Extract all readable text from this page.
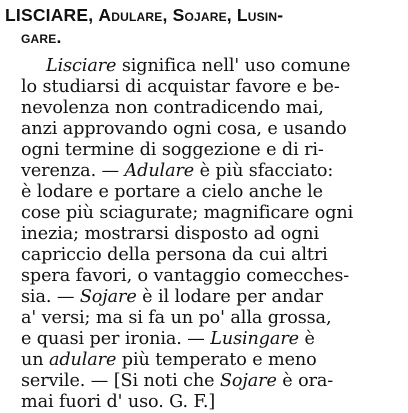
LISCIARE, Adulare, Sojare, Lusin-
gare.
Lisciare significa nell' uso comune
lo studiarsi di acquistar favore e be-
nevolenza non contradicendo mai,
anzi approvando ogni cosa, e usando
ogni termine di soggezione e di ri-
verenza. — Adulare è più sfacciato:
è lodare e portare a cielo anche le
cose più sciagurate; magnificare ogni
inezia; mostrarsi disposto ad ogni
capriccio della persona da cui altri
spera favori, o vantaggio comecches-
sia. — Sojare è il lodare per andar
a' versi; ma si fa un po' alla grossa,
e quasi per ironia. — Lusingare è
un adulare più temperato e meno
servile. — [Si noti che Sojare è ora-
mai fuori d' uso. G. F.]
